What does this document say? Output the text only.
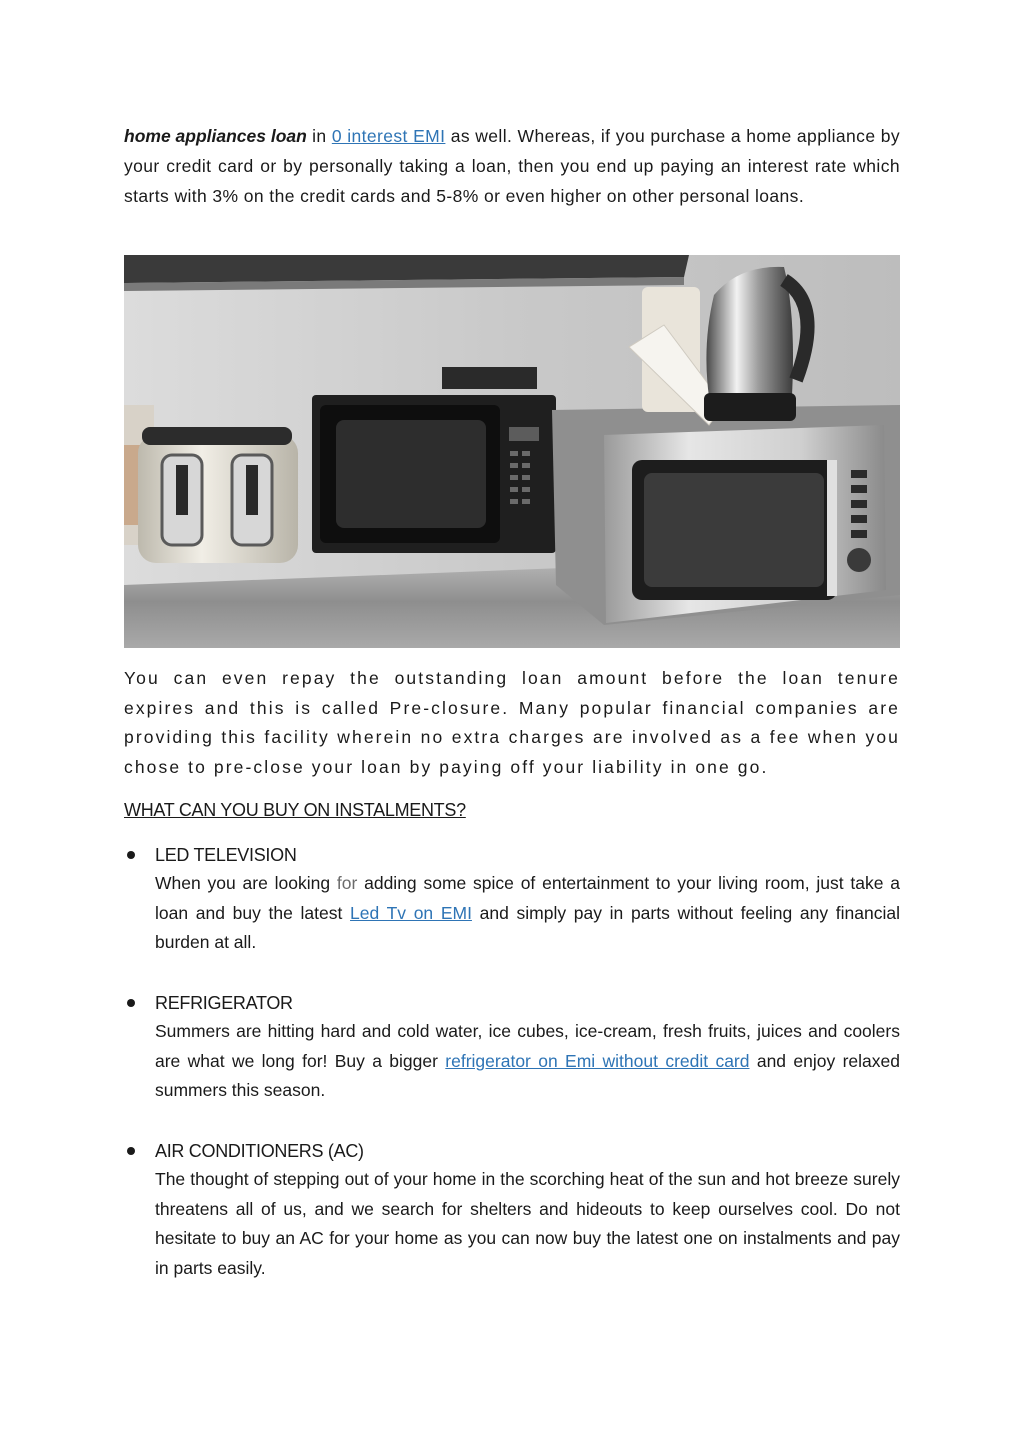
home appliances loan in 0 interest EMI as well. Whereas, if you purchase a home appliance by your credit card or by personally taking a loan, then you end up paying an interest rate which starts with 3% on the credit cards and 5-8% or even higher on other personal loans.

You can even repay the outstanding loan amount before the loan tenure expires and this is called Pre-closure. Many popular financial companies are providing this facility wherein no extra charges are involved as a fee when you chose to pre-close your loan by paying off your liability in one go.

WHAT CAN YOU BUY ON INSTALMENTS?

LED TELEVISION

When you are looking for adding some spice of entertainment to your living room, just take a loan and buy the latest Led Tv on EMI and simply pay in parts without feeling any financial burden at all.

REFRIGERATOR

Summers are hitting hard and cold water, ice cubes, ice-cream, fresh fruits, juices and coolers are what we long for! Buy a bigger refrigerator on Emi without credit card and enjoy relaxed summers this season.

AIR CONDITIONERS (AC)

The thought of stepping out of your home in the scorching heat of the sun and hot breeze surely threatens all of us, and we search for shelters and hideouts to keep ourselves cool. Do not hesitate to buy an AC for your home as you can now buy the latest one on instalments and pay in parts easily.
